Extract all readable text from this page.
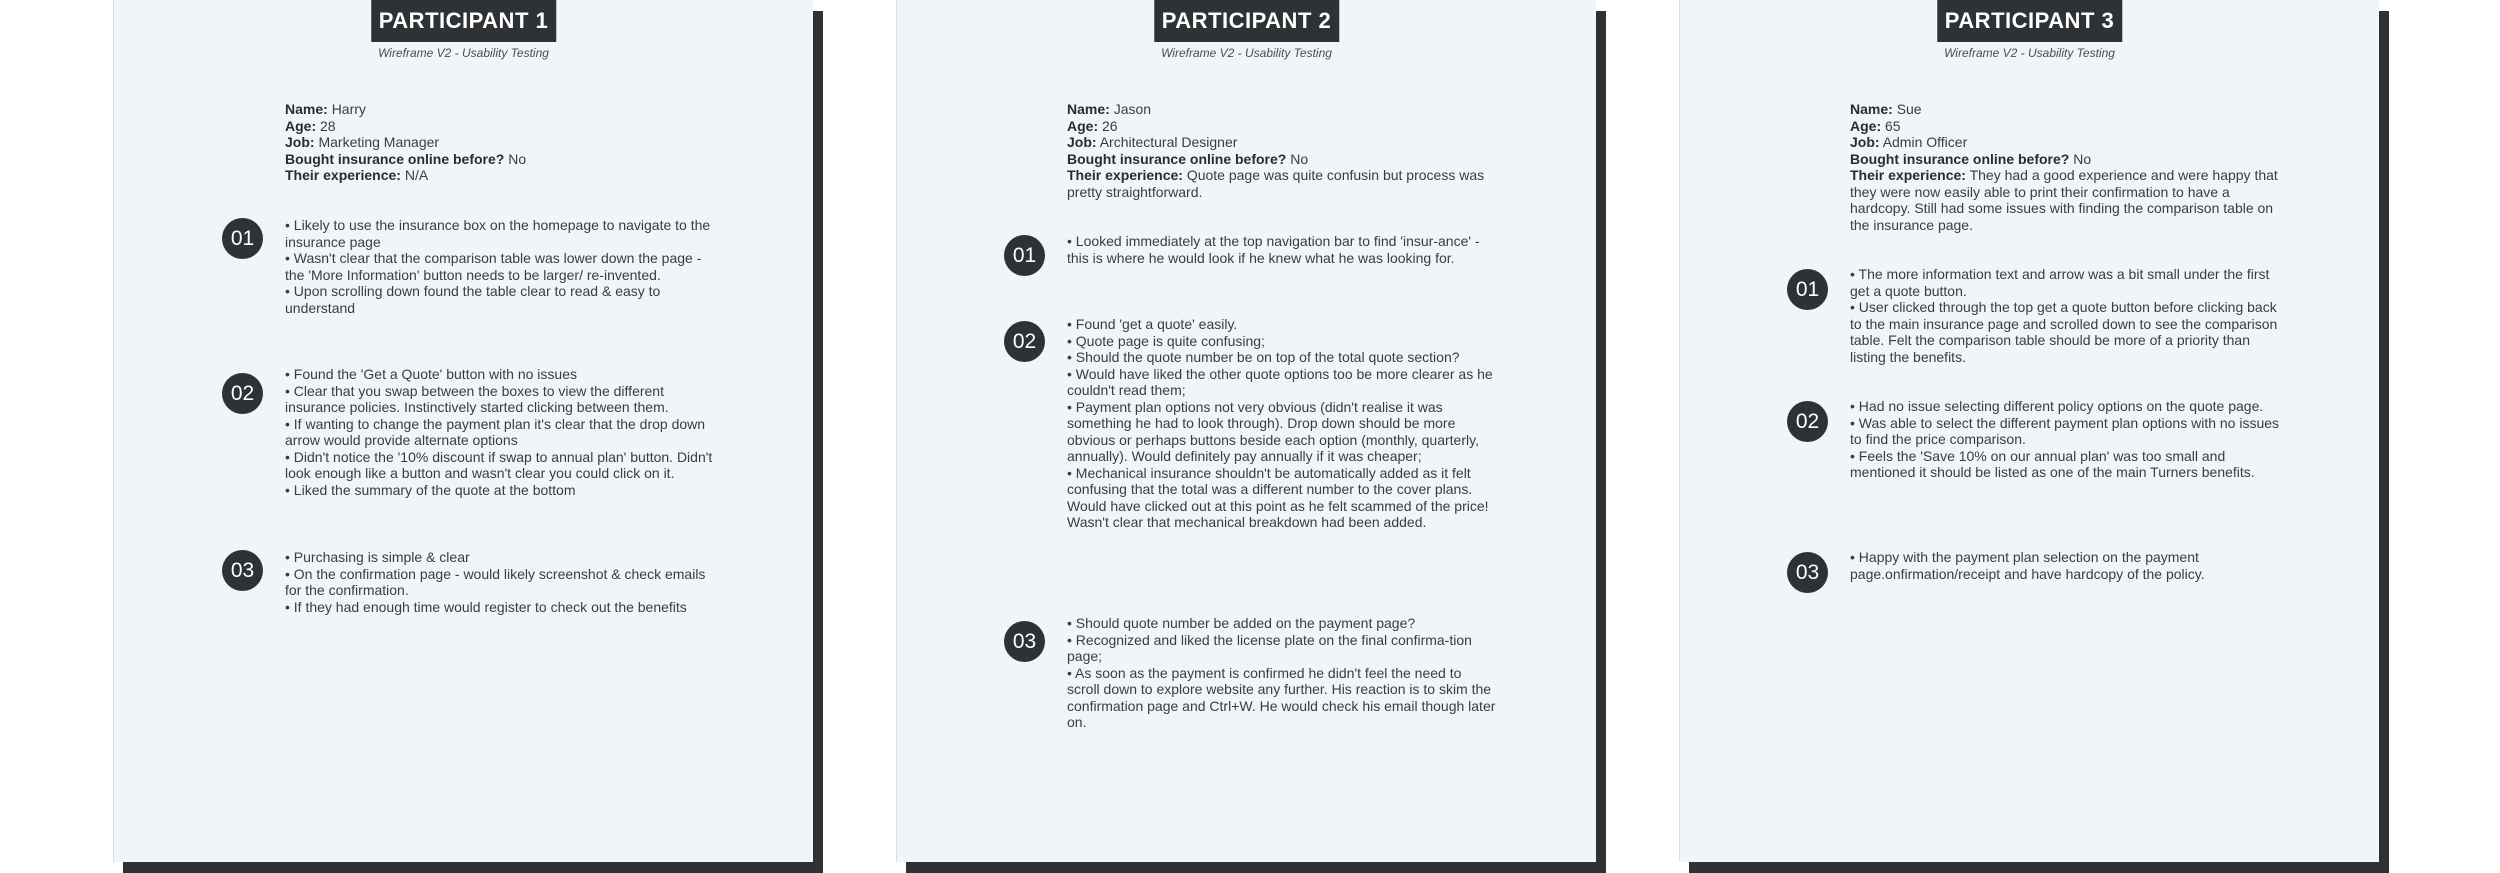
PARTICIPANT 1
Wireframe V2 - Usability Testing
Name: Harry
Age: 28
Job: Marketing Manager
Bought insurance online before? No
Their experience: N/A
01
• Likely to use the insurance box on the homepage to navigate to the insurance page
• Wasn't clear that the comparison table was lower down the page - the 'More Information' button needs to be larger/ re-invented.
• Upon scrolling down found the table clear to read & easy to understand
02
• Found the 'Get a Quote' button with no issues
• Clear that you swap between the boxes to view the different insurance policies. Instinctively started clicking between them.
• If wanting to change the payment plan it's clear that the drop down arrow would provide alternate options
• Didn't notice the '10% discount if swap to annual plan' button. Didn't look enough like a button and wasn't clear you could click on it.
• Liked the summary of the quote at the bottom
03
• Purchasing is simple & clear
• On the confirmation page - would likely screenshot & check emails for the confirmation.
• If they had enough time would register to check out the benefits
PARTICIPANT 2
Wireframe V2 - Usability Testing
Name: Jason
Age: 26
Job: Architectural Designer
Bought insurance online before? No
Their experience: Quote page was quite confusin but process was pretty straightforward.
01
• Looked immediately at the top navigation bar to find 'insur-ance' - this is where he would look if he knew what he was looking for.
02
• Found 'get a quote' easily.
• Quote page is quite confusing;
• Should the quote number be on top of the total quote section?
• Would have liked the other quote options too be more clearer as he couldn't read them;
• Payment plan options not very obvious (didn't realise it was something he had to look through). Drop down should be more obvious or perhaps buttons beside each option (monthly, quarterly, annually). Would definitely pay annually if it was cheaper;
• Mechanical insurance shouldn't be automatically added as it felt confusing that the total was a different number to the cover plans. Would have clicked out at this point as he felt scammed of the price! Wasn't clear that mechanical breakdown had been added.
03
• Should quote number be added on the payment page?
• Recognized and liked the license plate on the final confirma-tion page;
• As soon as the payment is confirmed he didn't feel the need to scroll down to explore website any further. His reaction is to skim the confirmation page and Ctrl+W. He would check his email though later on.
PARTICIPANT 3
Wireframe V2 - Usability Testing
Name: Sue
Age: 65
Job: Admin Officer
Bought insurance online before? No
Their experience: They had a good experience and were happy that they were now easily able to print their confirmation to have a hardcopy. Still had some issues with finding the comparison table on the insurance page.
01
• The more information text and arrow was a bit small under the first get a quote button.
• User clicked through the top get a quote button before clicking back to the main insurance page and scrolled down to see the comparison table. Felt the comparison table should be more of a priority than listing the benefits.
02
• Had no issue selecting different policy options on the quote page.
• Was able to select the different payment plan options with no issues to find the price comparison.
• Feels the 'Save 10% on our annual plan' was too small and mentioned it should be listed as one of the main Turners benefits.
03
• Happy with the payment plan selection on the payment page.onfirmation/receipt and have hardcopy of the policy.
